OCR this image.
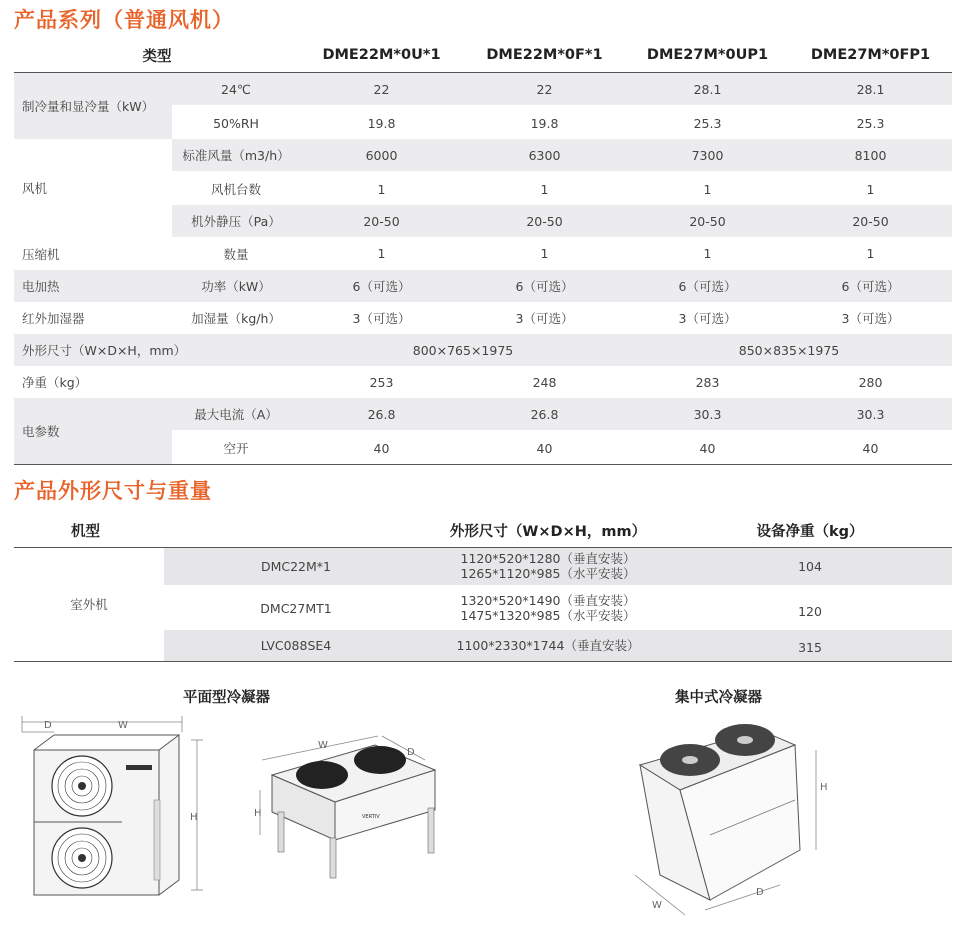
产品系列（普通风机）
类型		DME22M*0U*1	DME22M*0F*1	DME27M*0UP1	DME27M*0FP1
制冷量和显冷量（kW）	24℃	22	22	28.1	28.1
	50%RH	19.8	19.8	25.3	25.3
风机	标准风量（m3/h）	6000	6300	7300	8100
	风机台数	1	1	1	1
	机外静压（Pa）	20-50	20-50	20-50	20-50
压缩机	数量	1	1	1	1
电加热	功率（kW）	6（可选）	6（可选）	6（可选）	6（可选）
红外加湿器	加湿量（kg/h）	3（可选）	3（可选）	3（可选）	3（可选）
外形尺寸（W×D×H，mm）		800×765×1975		850×835×1975	
净重（kg）		253	248	283	280
电参数	最大电流（A）	26.8	26.8	30.3	30.3
	空开	40	40	40	40
产品外形尺寸与重量
机型		外形尺寸（W×D×H，mm）	设备净重（kg）
室外机	DMC22M*1	1120*520*1280（垂直安装）
1265*1120*985（水平安装）	104
	DMC27MT1	1320*520*1490（垂直安装）
1475*1320*985（水平安装）	120
	LVC088SE4	1100*2330*1744（垂直安装）	315
平面型冷凝器	集中式冷凝器
D	W
H
W
D
H	VERTIV
H
W
D
